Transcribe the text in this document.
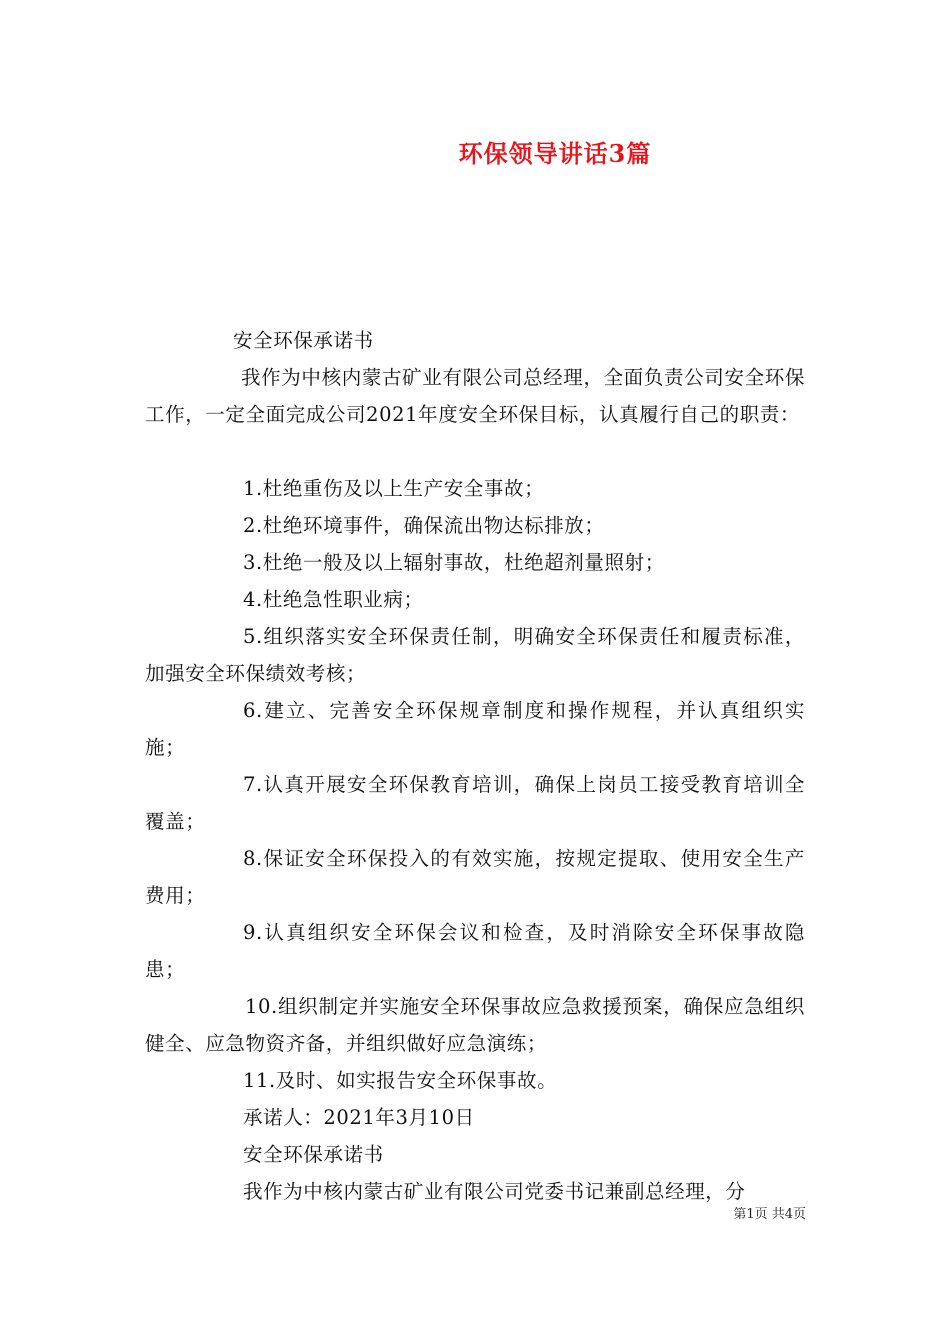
环保领导讲话3篇

安全环保承诺书

我作为中核内蒙古矿业有限公司总经理，全面负责公司安全环保工作，一定全面完成公司2021年度安全环保目标，认真履行自己的职责：

1.杜绝重伤及以上生产安全事故；

2.杜绝环境事件，确保流出物达标排放；

3.杜绝一般及以上辐射事故，杜绝超剂量照射；

4.杜绝急性职业病；

5.组织落实安全环保责任制，明确安全环保责任和履责标准，加强安全环保绩效考核；

6.建立、完善安全环保规章制度和操作规程，并认真组织实施；

7.认真开展安全环保教育培训，确保上岗员工接受教育培训全覆盖；

8.保证安全环保投入的有效实施，按规定提取、使用安全生产费用；

9.认真组织安全环保会议和检查，及时消除安全环保事故隐患；

10.组织制定并实施安全环保事故应急救援预案，确保应急组织健全、应急物资齐备，并组织做好应急演练；

11.及时、如实报告安全环保事故。

承诺人：2021年3月10日

安全环保承诺书

我作为中核内蒙古矿业有限公司党委书记兼副总经理，分

第1页 共4页
